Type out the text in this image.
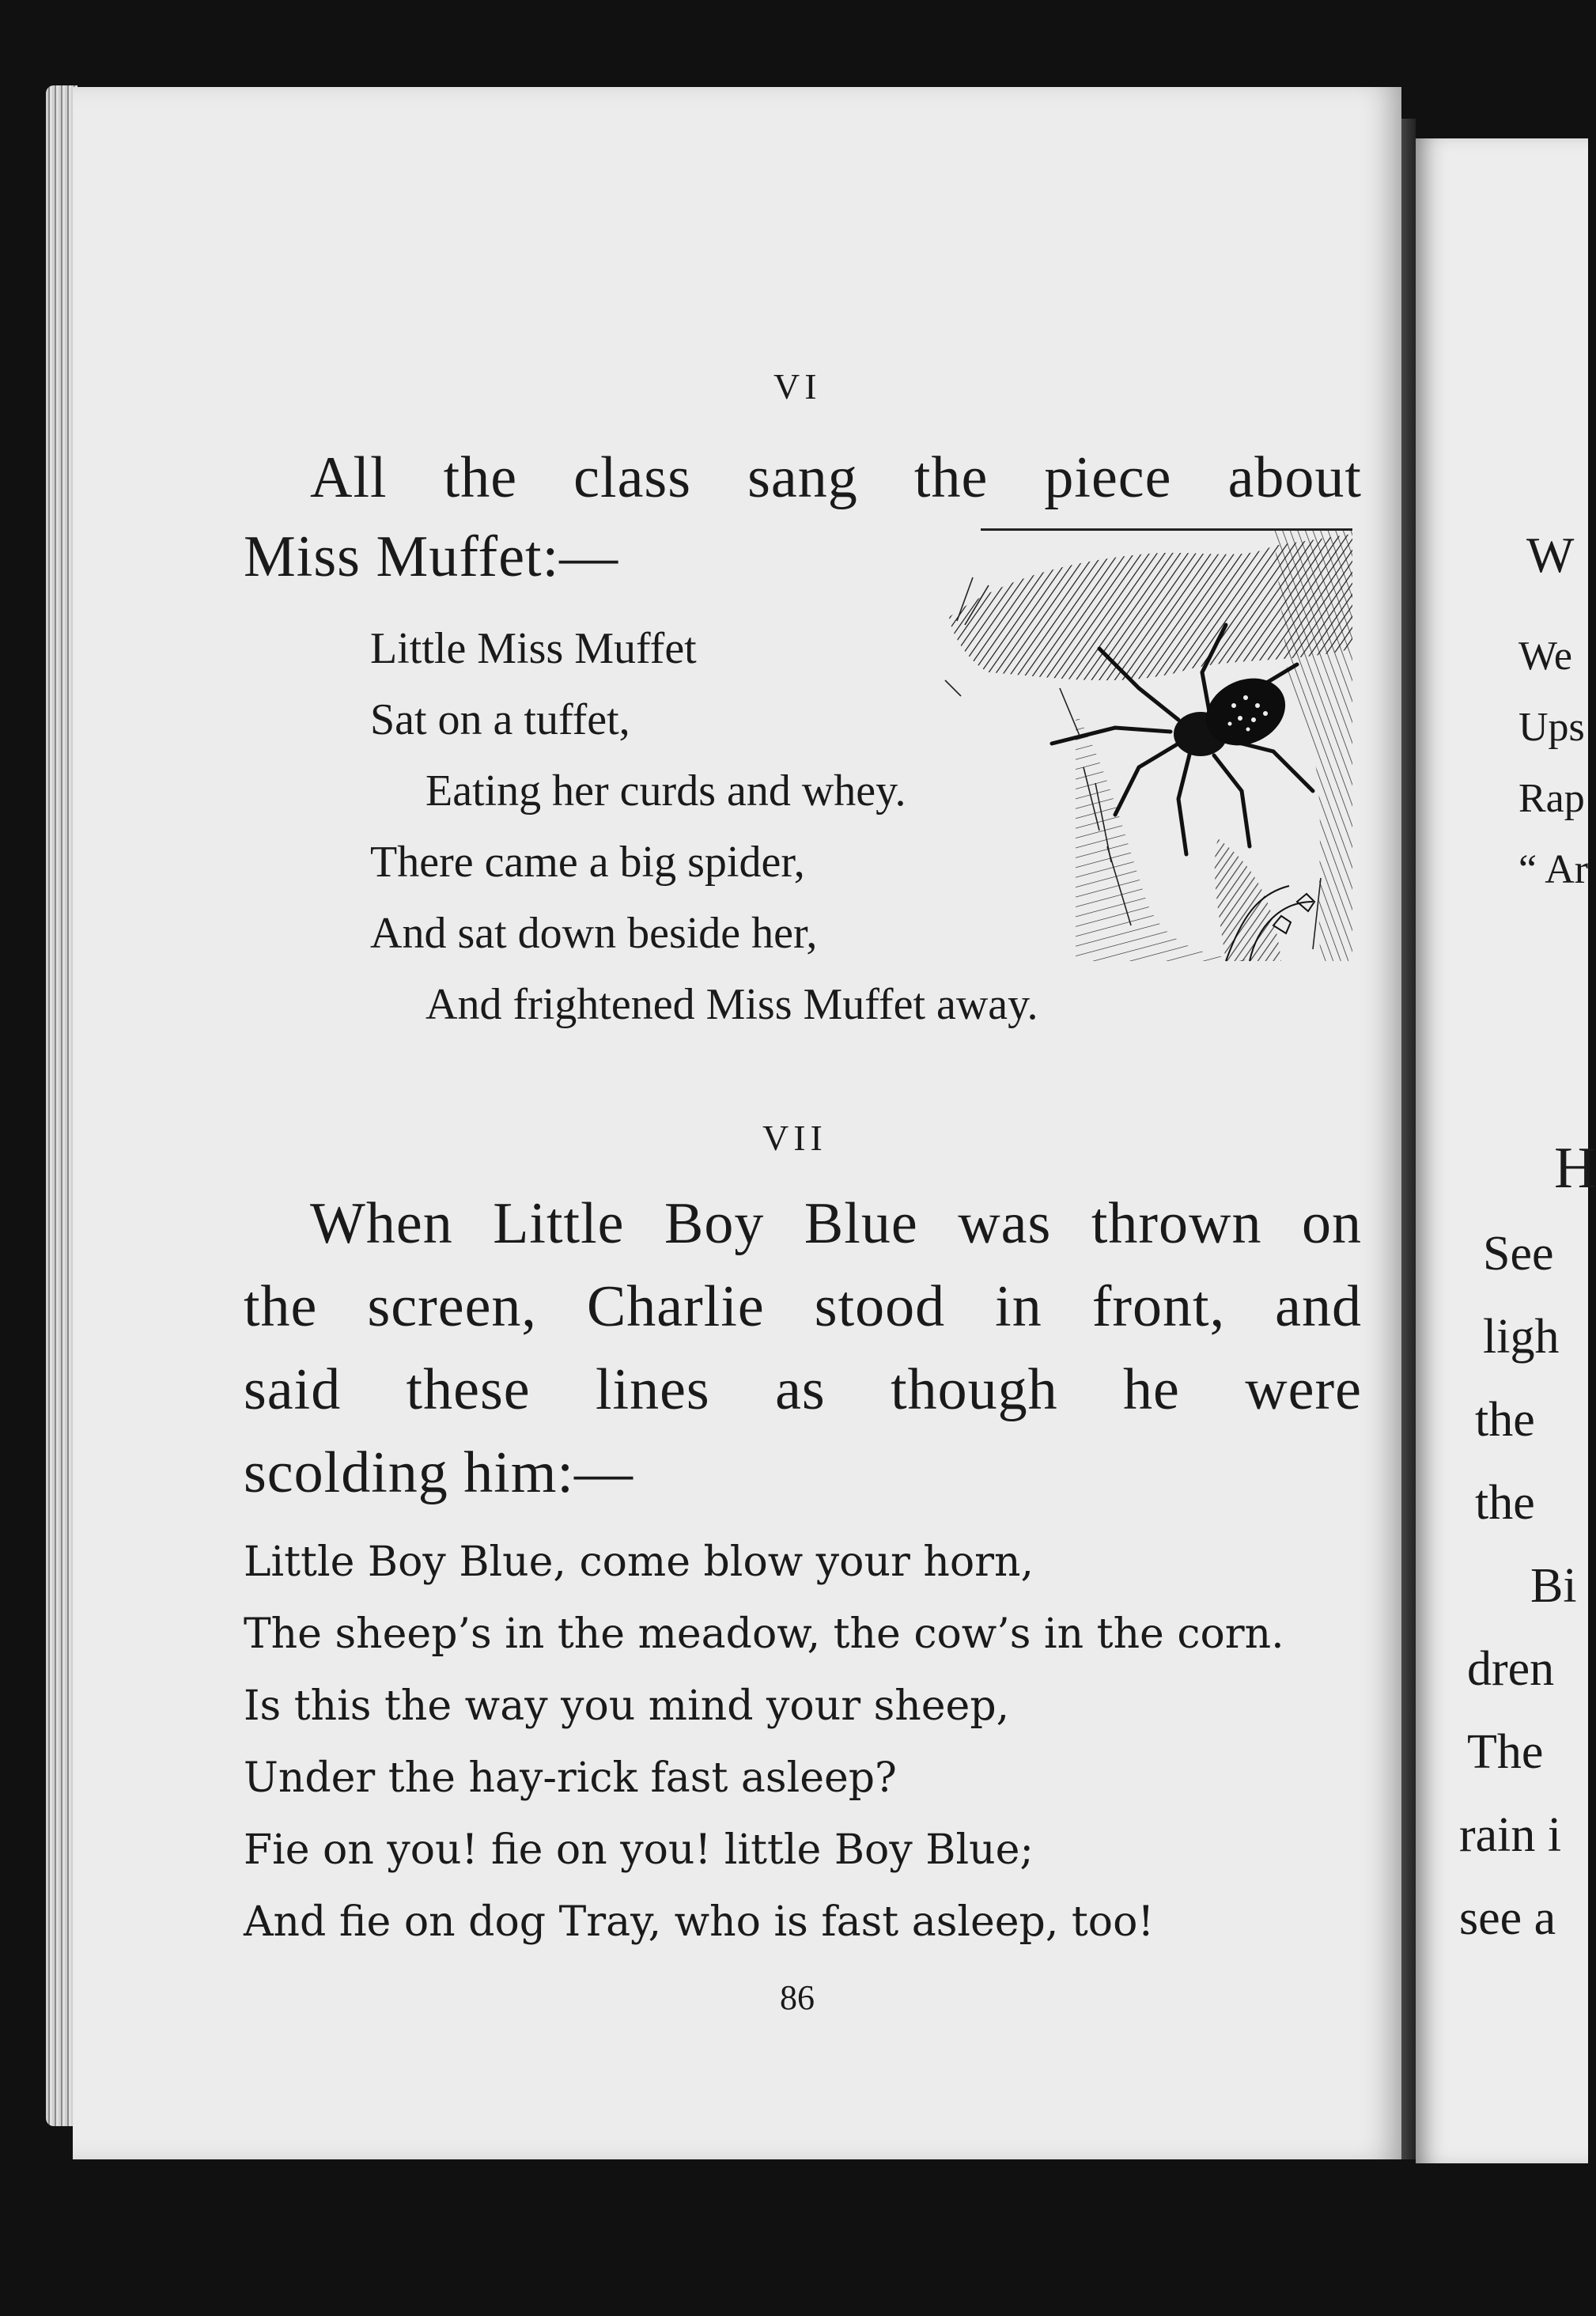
VI
All the class sang the piece about
Miss Muffet:—
Little Miss Muffet
Sat on a tuffet,
Eating her curds and whey.
There came a big spider,
And sat down beside her,
And frightened Miss Muffet away.
VII
When Little Boy Blue was thrown on
the screen, Charlie stood in front, and
said these lines as though he were
scolding him:—
Little Boy Blue, come blow your horn,
The sheep’s in the meadow, the cow’s in the corn.
Is this the way you mind your sheep,
Under the hay-rick fast asleep?
Fie on you! fie on you! little Boy Blue;
And fie on dog Tray, who is fast asleep, too!
86
W
We
Ups
Rap
“ Ar
H
See
ligh
the
the
Bi
dren
The
rain i
see a
